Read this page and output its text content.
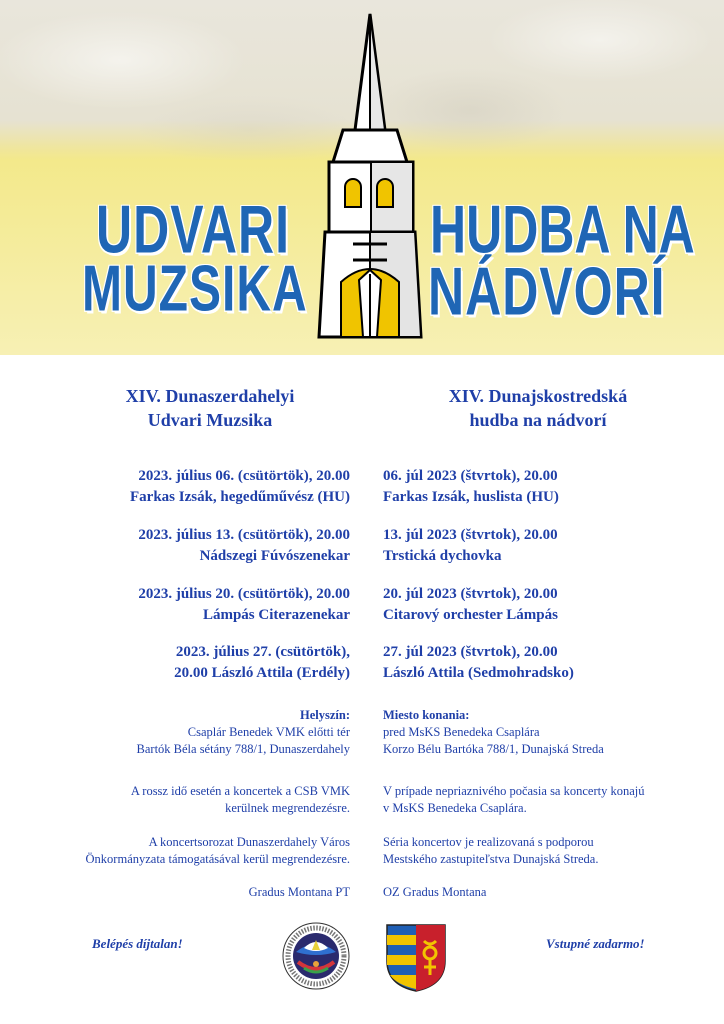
UDVARI
MUZSIKA
HUDBA NA
NÁDVORÍ
XIV. Dunaszerdahelyi
Udvari Muzsika
XIV. Dunajskostredská
hudba na nádvorí
2023. július 06. (csütörtök), 20.00
Farkas Izsák, hegedűművész (HU)
06. júl 2023 (štvrtok), 20.00
Farkas Izsák, huslista (HU)
2023. július 13. (csütörtök), 20.00
Nádszegi Fúvószenekar
13. júl 2023 (štvrtok), 20.00
Trstická dychovka
2023. július 20. (csütörtök), 20.00
Lámpás Citerazenekar
20. júl 2023 (štvrtok), 20.00
Citarový orchester Lámpás
2023. július 27. (csütörtök),
20.00 László Attila (Erdély)
27. júl 2023 (štvrtok), 20.00
László Attila (Sedmohradsko)
Helyszín:
Csaplár Benedek VMK előtti tér
Bartók Béla sétány 788/1, Dunaszerdahely
Miesto konania:
pred MsKS Benedeka Csaplára
Korzo Bélu Bartóka 788/1, Dunajská Streda
A rossz idő esetén a koncertek a CSB VMK
kerülnek megrendezésre.
V prípade nepriaznivého počasia sa koncerty konajú
v MsKS Benedeka Csaplára.
A koncertsorozat Dunaszerdahely Város
Önkormányzata támogatásával kerül megrendezésre.
Séria koncertov je realizovaná s podporou
Mestského zastupiteľstva Dunajská Streda.
Gradus Montana PT	OZ Gradus Montana
Belépés díjtalan!	Vstupné zadarmo!
